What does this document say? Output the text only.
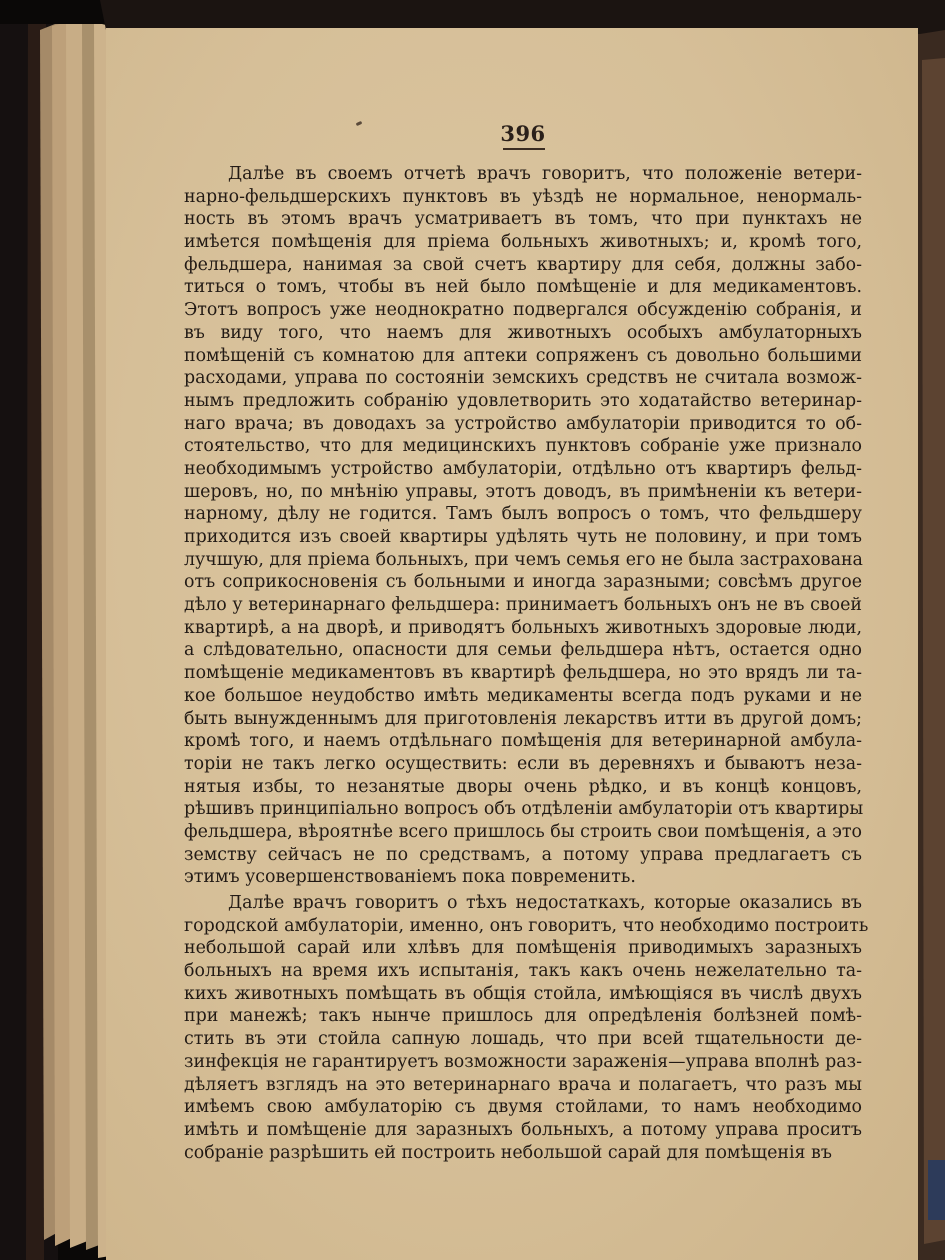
396
Далѣе въ своемъ отчетѣ врачъ говоритъ, что положеніе ветери-
нарно-фельдшерскихъ пунктовъ въ уѣздѣ не нормальное, ненормаль-
ность въ этомъ врачъ усматриваетъ въ томъ, что при пунктахъ не
имѣется помѣщенія для пріема больныхъ животныхъ; и, кромѣ того,
фельдшера, нанимая за свой счетъ квартиру для себя, должны забо-
титься о томъ, чтобы въ ней было помѣщеніе и для медикаментовъ.
Этотъ вопросъ уже неоднократно подвергался обсужденію собранія, и
въ виду того, что наемъ для животныхъ особыхъ амбулаторныхъ
помѣщеній съ комнатою для аптеки сопряженъ съ довольно большими
расходами, управа по состояніи земскихъ средствъ не считала возмож-
нымъ предложить собранію удовлетворить это ходатайство ветеринар-
наго врача; въ доводахъ за устройство амбулаторіи приводится то об-
стоятельство, что для медицинскихъ пунктовъ собраніе уже признало
необходимымъ устройство амбулаторіи, отдѣльно отъ квартиръ фельд-
шеровъ, но, по мнѣнію управы, этотъ доводъ, въ примѣненіи къ ветери-
нарному, дѣлу не годится. Тамъ былъ вопросъ о томъ, что фельдшеру
приходится изъ своей квартиры удѣлять чуть не половину, и при томъ
лучшую, для пріема больныхъ, при чемъ семья его не была застрахована
отъ соприкосновенія съ больными и иногда заразными; совсѣмъ другое
дѣло у ветеринарнаго фельдшера: принимаетъ больныхъ онъ не въ своей
квартирѣ, а на дворѣ, и приводятъ больныхъ животныхъ здоровые люди,
а слѣдовательно, опасности для семьи фельдшера нѣтъ, остается одно
помѣщеніе медикаментовъ въ квартирѣ фельдшера, но это врядъ ли та-
кое большое неудобство имѣть медикаменты всегда подъ руками и не
быть вынужденнымъ для приготовленія лекарствъ итти въ другой домъ;
кромѣ того, и наемъ отдѣльнаго помѣщенія для ветеринарной амбула-
торіи не такъ легко осуществить: если въ деревняхъ и бываютъ неза-
нятыя избы, то незанятые дворы очень рѣдко, и въ концѣ концовъ,
рѣшивъ принципіально вопросъ объ отдѣленіи амбулаторіи отъ квартиры
фельдшера, вѣроятнѣе всего пришлось бы строить свои помѣщенія, а это
земству сейчасъ не по средствамъ, а потому управа предлагаетъ съ
этимъ усовершенствованіемъ пока повременить.
Далѣе врачъ говоритъ о тѣхъ недостаткахъ, которые оказались въ
городской амбулаторіи, именно, онъ говоритъ, что необходимо построить
небольшой сарай или хлѣвъ для помѣщенія приводимыхъ заразныхъ
больныхъ на время ихъ испытанія, такъ какъ очень нежелательно та-
кихъ животныхъ помѣщать въ общія стойла, имѣющіяся въ числѣ двухъ
при манежѣ; такъ нынче пришлось для опредѣленія болѣзней помѣ-
стить въ эти стойла сапную лошадь, что при всей тщательности де-
зинфекція не гарантируетъ возможности зараженія—управа вполнѣ раз-
дѣляетъ взглядъ на это ветеринарнаго врача и полагаетъ, что разъ мы
имѣемъ свою амбулаторію съ двумя стойлами, то намъ необходимо
имѣть и помѣщеніе для заразныхъ больныхъ, а потому управа проситъ
собраніе разрѣшить ей построить небольшой сарай для помѣщенія въ
